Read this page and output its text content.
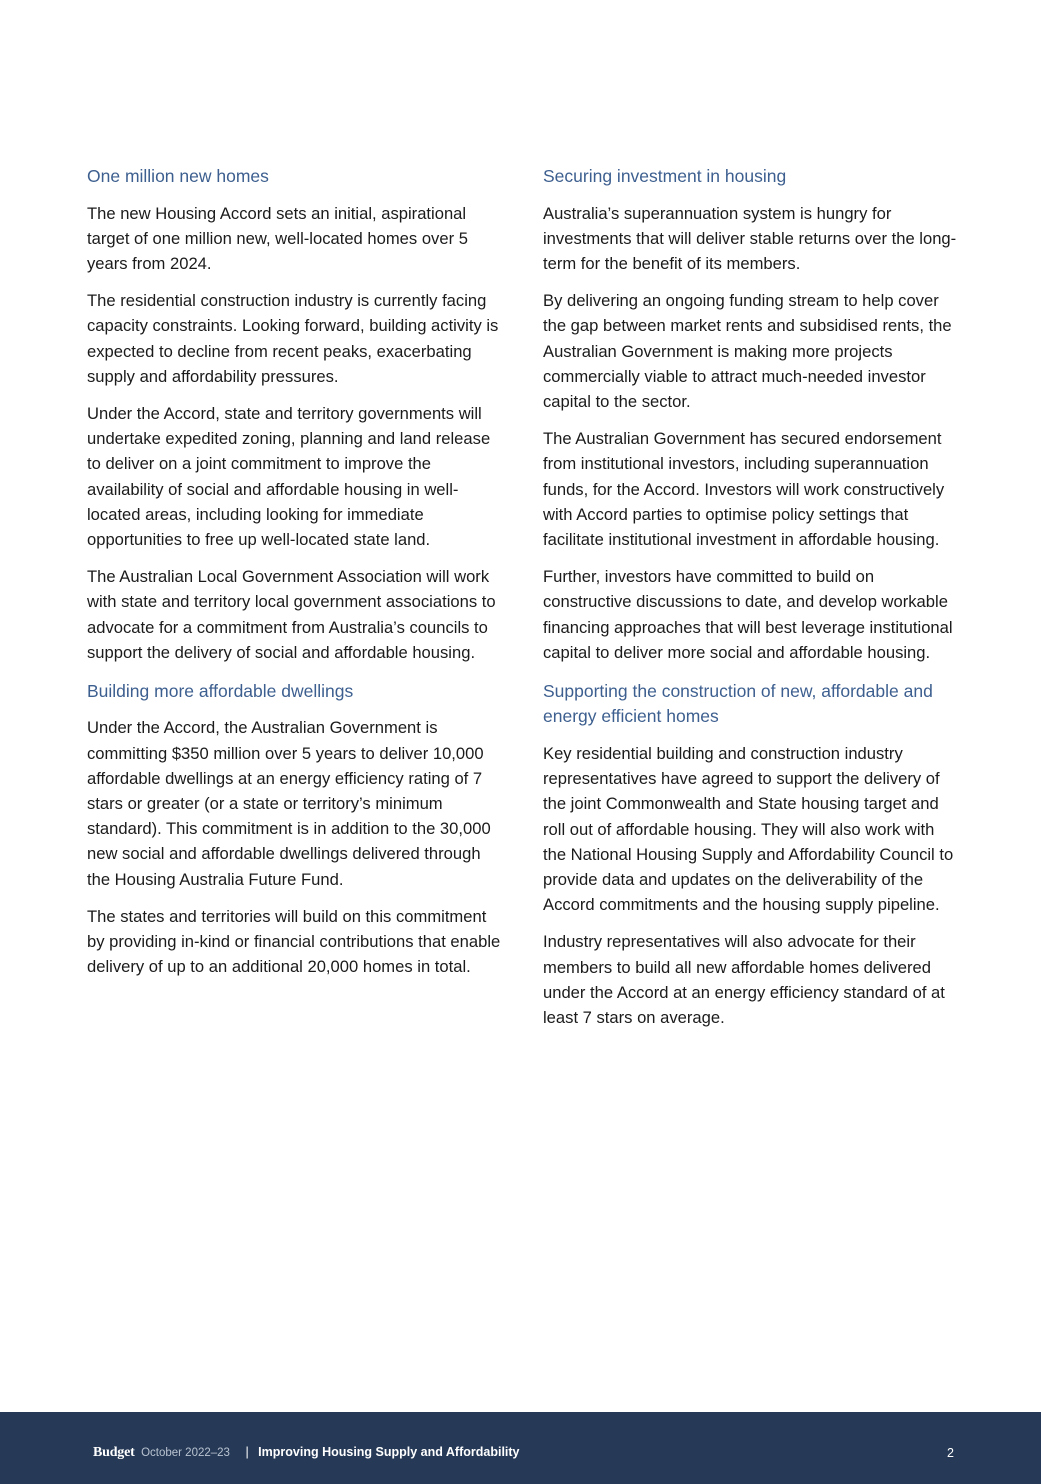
One million new homes

The new Housing Accord sets an initial, aspirational target of one million new, well-located homes over 5 years from 2024.

The residential construction industry is currently facing capacity constraints. Looking forward, building activity is expected to decline from recent peaks, exacerbating supply and affordability pressures.

Under the Accord, state and territory governments will undertake expedited zoning, planning and land release to deliver on a joint commitment to improve the availability of social and affordable housing in well-located areas, including looking for immediate opportunities to free up well-located state land.

The Australian Local Government Association will work with state and territory local government associations to advocate for a commitment from Australia’s councils to support the delivery of social and affordable housing.

Building more affordable dwellings

Under the Accord, the Australian Government is committing $350 million over 5 years to deliver 10,000 affordable dwellings at an energy efficiency rating of 7 stars or greater (or a state or territory’s minimum standard). This commitment is in addition to the 30,000 new social and affordable dwellings delivered through the Housing Australia Future Fund.

The states and territories will build on this commitment by providing in-kind or financial contributions that enable delivery of up to an additional 20,000 homes in total.

Securing investment in housing

Australia’s superannuation system is hungry for investments that will deliver stable returns over the long-term for the benefit of its members.

By delivering an ongoing funding stream to help cover the gap between market rents and subsidised rents, the Australian Government is making more projects commercially viable to attract much-needed investor capital to the sector.

The Australian Government has secured endorsement from institutional investors, including superannuation funds, for the Accord. Investors will work constructively with Accord parties to optimise policy settings that facilitate institutional investment in affordable housing.

Further, investors have committed to build on constructive discussions to date, and develop workable financing approaches that will best leverage institutional capital to deliver more social and affordable housing.

Supporting the construction of new, affordable and energy efficient homes

Key residential building and construction industry representatives have agreed to support the delivery of the joint Commonwealth and State housing target and roll out of affordable housing. They will also work with the National Housing Supply and Affordability Council to provide data and updates on the deliverability of the Accord commitments and the housing supply pipeline.

Industry representatives will also advocate for their members to build all new affordable homes delivered under the Accord at an energy efficiency standard of at least 7 stars on average.

Budget October 2022–23 | Improving Housing Supply and Affordability	2
